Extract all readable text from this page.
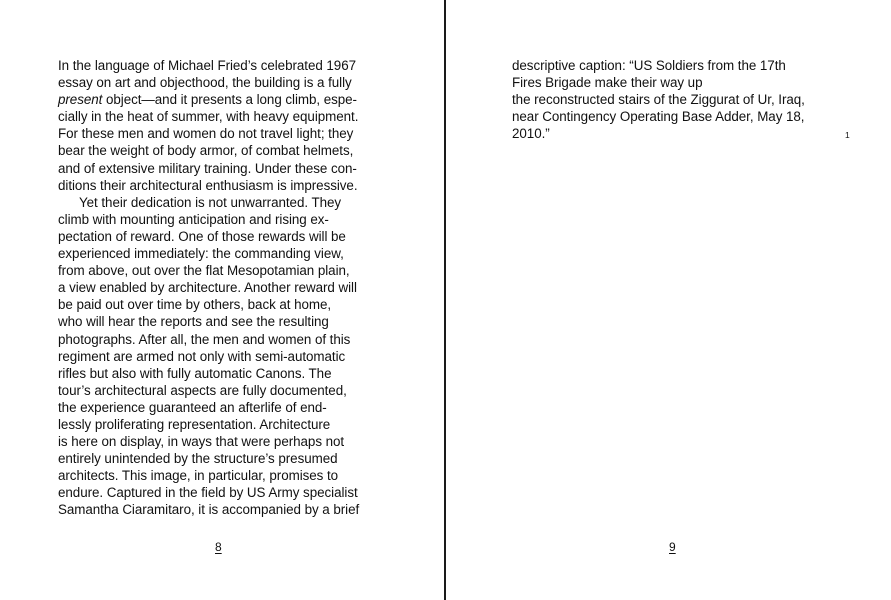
In the language of Michael Fried’s celebrated 1967
essay on art and objecthood, the building is a fully
present object—and it presents a long climb, espe-
cially in the heat of summer, with heavy equipment.
For these men and women do not travel light; they
bear the weight of body armor, of combat helmets,
and of extensive military training. Under these con-
ditions their architectural enthusiasm is impressive.
Yet their dedication is not unwarranted. They
climb with mounting anticipation and rising ex-
pectation of reward. One of those rewards will be
experienced immediately: the commanding view,
from above, out over the flat Mesopotamian plain,
a view enabled by architecture. Another reward will
be paid out over time by others, back at home,
who will hear the reports and see the resulting
photographs. After all, the men and women of this
regiment are armed not only with semi-automatic
rifles but also with fully automatic Canons. The
tour’s architectural aspects are fully documented,
the experience guaranteed an afterlife of end-
lessly proliferating representation. Architecture
is here on display, in ways that were perhaps not
entirely unintended by the structure’s presumed
architects. This image, in particular, promises to
endure. Captured in the field by US Army specialist
Samantha Ciaramitaro, it is accompanied by a brief
8
descriptive caption: “US Soldiers from the 17th
Fires Brigade make their way up
the reconstructed stairs of the Ziggurat of Ur, Iraq,
near Contingency Operating Base Adder, May 18,
2010.”	1
9
